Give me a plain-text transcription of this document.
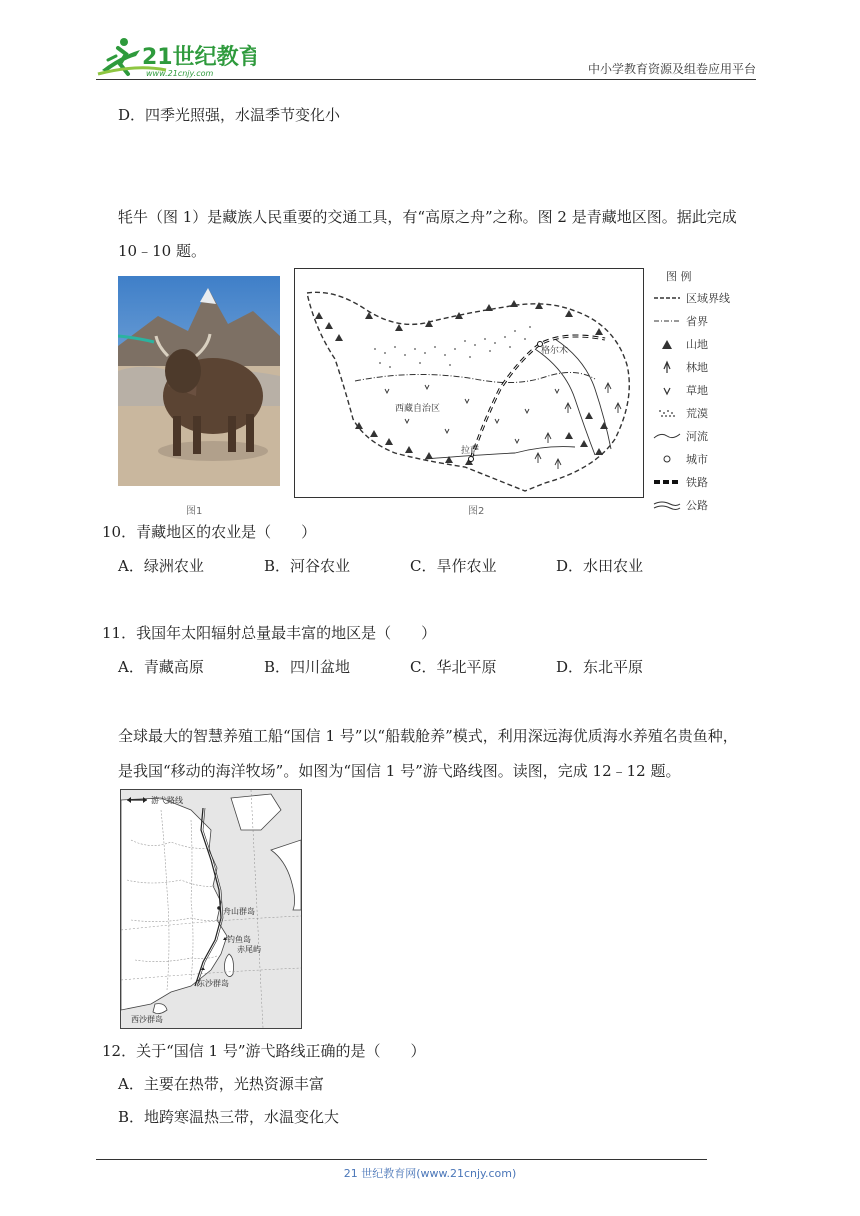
21世纪教育
www.21cnjy.com	中小学教育资源及组卷应用平台
D．四季光照强，水温季节变化小
牦牛（图 1）是藏族人民重要的交通工具，有“高原之舟”之称。图 2 是青藏地区图。据此完成
10﹣10 题。
格尔木
拉萨
西藏自治区
图1	图2
图 例
区域界线
省界
山地
林地
草地
荒漠
河流
城市
铁路
公路
10．青藏地区的农业是（　　）
A．绿洲农业	B．河谷农业	C．旱作农业	D．水田农业
11．我国年太阳辐射总量最丰富的地区是（　　）
A．青藏高原	B．四川盆地	C．华北平原	D．东北平原
全球最大的智慧养殖工船“国信 1 号”以“船载舱养”模式，利用深远海优质海水养殖名贵鱼种，
是我国“移动的海洋牧场”。如图为“国信 1 号”游弋路线图。读图，完成 12﹣12 题。
游弋路线
舟山群岛
钓鱼岛
赤尾屿
东沙群岛
西沙群岛
12．关于“国信 1 号”游弋路线正确的是（　　）
A．主要在热带，光热资源丰富
B．地跨寒温热三带，水温变化大
21 世纪教育网(www.21cnjy.com)
